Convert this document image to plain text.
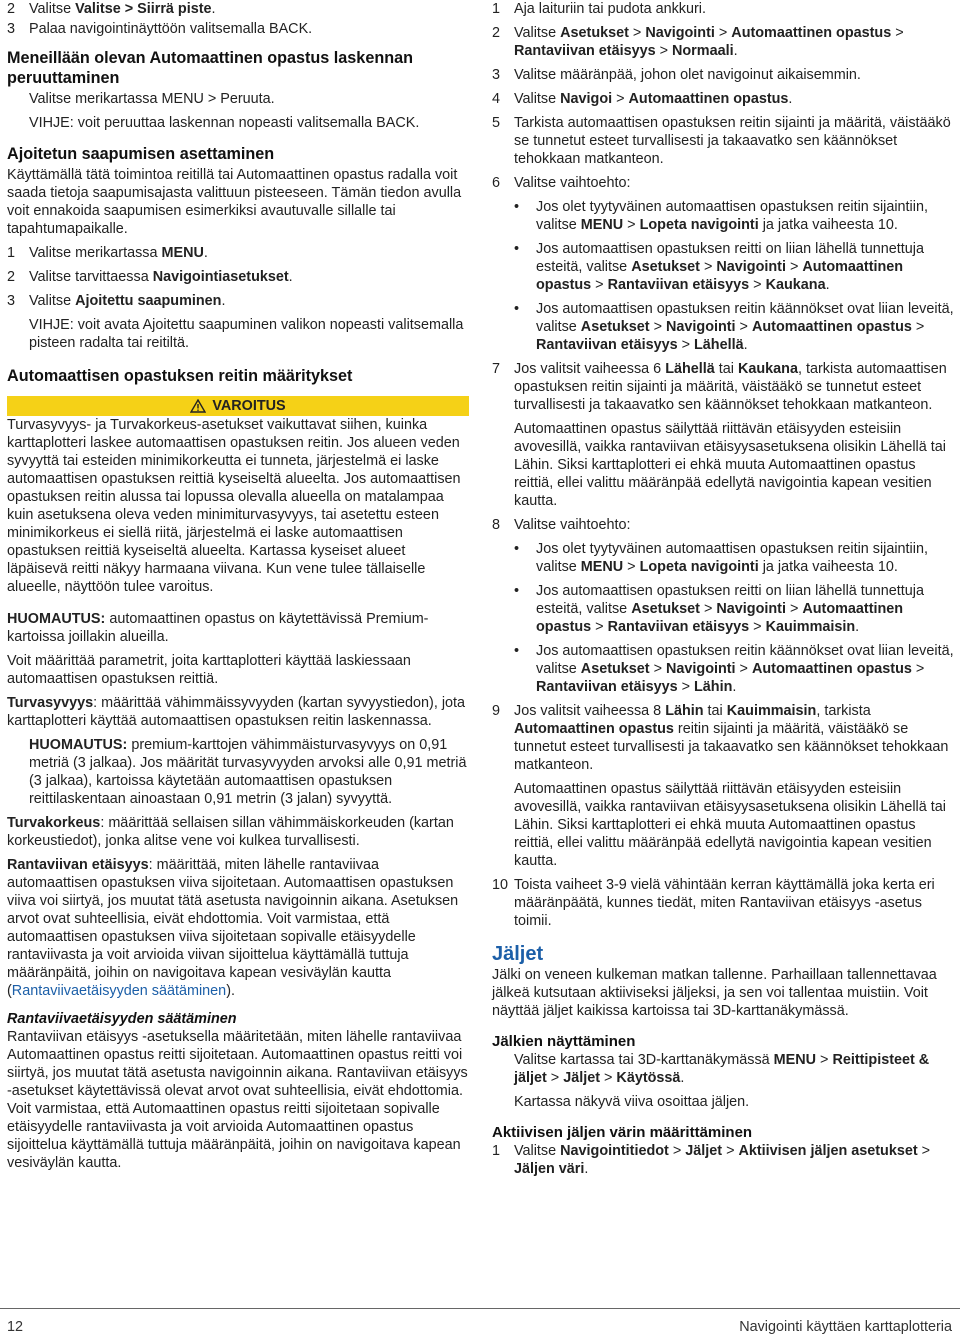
2 Valitse Valitse > Siirrä piste.
3 Palaa navigointinäyttöön valitsemalla BACK.
Meneillään olevan Automaattinen opastus laskennan peruuttaminen

Valitse merikartassa MENU > Peruuta.

VIHJE: voit peruuttaa laskennan nopeasti valitsemalla BACK.

Ajoitetun saapumisen asettaminen

Käyttämällä tätä toimintoa reitillä tai Automaattinen opastus radalla voit saada tietoja saapumisajasta valittuun pisteeseen. Tämän tiedon avulla voit ennakoida saapumisen esimerkiksi avautuvalle sillalle tai tapahtumapaikalle.

1 Valitse merikartassa MENU.
2 Valitse tarvittaessa Navigointiasetukset.
3 Valitse Ajoitettu saapuminen.

VIHJE: voit avata Ajoitettu saapuminen valikon nopeasti valitsemalla pisteen radalta tai reitiltä.

Automaattisen opastuksen reitin määritykset
VAROITUS

Turvasyvyys- ja Turvakorkeus-asetukset vaikuttavat siihen, kuinka karttaplotteri laskee automaattisen opastuksen reitin. Jos alueen veden syvyyttä tai esteiden minimikorkeutta ei tunneta, järjestelmä ei laske automaattisen opastuksen reittiä kyseiseltä alueelta. Jos automaattisen opastuksen reitin alussa tai lopussa olevalla alueella on matalampaa kuin asetuksena oleva veden minimiturvasyvyys, tai asetettu esteen minimikorkeus ei siellä riitä, järjestelmä ei laske automaattisen opastuksen reittiä kyseiseltä alueelta. Kartassa kyseiset alueet läpäisevä reitti näkyy harmaana viivana. Kun vene tulee tällaiselle alueelle, näyttöön tulee varoitus.

HUOMAUTUS: automaattinen opastus on käytettävissä Premium-kartoissa joillakin alueilla.

Voit määrittää parametrit, joita karttaplotteri käyttää laskiessaan automaattisen opastuksen reittiä.

Turvasyvyys: määrittää vähimmäissyvyyden (kartan syvyystiedon), jota karttaplotteri käyttää automaattisen opastuksen reitin laskennassa.

HUOMAUTUS: premium-karttojen vähimmäisturvasyvyys on 0,91 metriä (3 jalkaa). Jos määrität turvasyvyyden arvoksi alle 0,91 metriä (3 jalkaa), kartoissa käytetään automaattisen opastuksen reittilaskentaan ainoastaan 0,91 metrin (3 jalan) syvyyttä.

Turvakorkeus: määrittää sellaisen sillan vähimmäiskorkeuden (kartan korkeustiedot), jonka alitse vene voi kulkea turvallisesti.

Rantaviivan etäisyys: määrittää, miten lähelle rantaviivaa automaattisen opastuksen viiva sijoitetaan. Automaattisen opastuksen viiva voi siirtyä, jos muutat tätä asetusta navigoinnin aikana. Asetuksen arvot ovat suhteellisia, eivät ehdottomia. Voit varmistaa, että automaattisen opastuksen viiva sijoitetaan sopivalle etäisyydelle rantaviivasta ja voit arvioida viivan sijoittelua käyttämällä tuttuja määränpäitä, joihin on navigoitava kapean vesiväylän kautta (Rantaviivaetäisyyden säätäminen).

Rantaviivaetäisyyden säätäminen

Rantaviivan etäisyys -asetuksella määritetään, miten lähelle rantaviivaa Automaattinen opastus reitti sijoitetaan. Automaattinen opastus reitti voi siirtyä, jos muutat tätä asetusta navigoinnin aikana. Rantaviivan etäisyys -asetukset käytettävissä olevat arvot ovat suhteellisia, eivät ehdottomia. Voit varmistaa, että Automaattinen opastus reitti sijoitetaan sopivalle etäisyydelle rantaviivasta ja voit arvioida Automaattinen opastus sijoittelua käyttämällä tuttuja määränpäitä, joihin on navigoitava kapean vesiväylän kautta.

1 Aja laituriin tai pudota ankkuri.
2 Valitse Asetukset > Navigointi > Automaattinen opastus > Rantaviivan etäisyys > Normaali.
3 Valitse määränpää, johon olet navigoinut aikaisemmin.
4 Valitse Navigoi > Automaattinen opastus.
5 Tarkista automaattisen opastuksen reitin sijainti ja määritä, väistääkö se tunnetut esteet turvallisesti ja takaavatko sen käännökset tehokkaan matkanteon.
6 Valitse vaihtoehto:
• Jos olet tyytyväinen automaattisen opastuksen reitin sijaintiin, valitse MENU > Lopeta navigointi ja jatka vaiheesta 10.
• Jos automaattisen opastuksen reitti on liian lähellä tunnettuja esteitä, valitse Asetukset > Navigointi > Automaattinen opastus > Rantaviivan etäisyys > Kaukana.
• Jos automaattisen opastuksen reitin käännökset ovat liian leveitä, valitse Asetukset > Navigointi > Automaattinen opastus > Rantaviivan etäisyys > Lähellä.
7 Jos valitsit vaiheessa 6 Lähellä tai Kaukana, tarkista automaattisen opastuksen reitin sijainti ja määritä, väistääkö se tunnetut esteet turvallisesti ja takaavatko sen käännökset tehokkaan matkanteon.

Automaattinen opastus säilyttää riittävän etäisyyden esteisiin avovesillä, vaikka rantaviivan etäisyysasetuksena olisikin Lähellä tai Lähin. Siksi karttaplotteri ei ehkä muuta Automaattinen opastus reittiä, ellei valittu määränpää edellytä navigointia kapean vesitien kautta.

8 Valitse vaihtoehto:
• Jos olet tyytyväinen automaattisen opastuksen reitin sijaintiin, valitse MENU > Lopeta navigointi ja jatka vaiheesta 10.
• Jos automaattisen opastuksen reitti on liian lähellä tunnettuja esteitä, valitse Asetukset > Navigointi > Automaattinen opastus > Rantaviivan etäisyys > Kauimmaisin.
• Jos automaattisen opastuksen reitin käännökset ovat liian leveitä, valitse Asetukset > Navigointi > Automaattinen opastus > Rantaviivan etäisyys > Lähin.
9 Jos valitsit vaiheessa 8 Lähin tai Kauimmaisin, tarkista Automaattinen opastus reitin sijainti ja määritä, väistääkö se tunnetut esteet turvallisesti ja takaavatko sen käännökset tehokkaan matkanteon.

Automaattinen opastus säilyttää riittävän etäisyyden esteisiin avovesillä, vaikka rantaviivan etäisyysasetuksena olisikin Lähellä tai Lähin. Siksi karttaplotteri ei ehkä muuta Automaattinen opastus reittiä, ellei valittu määränpää edellytä navigointia kapean vesitien kautta.

10 Toista vaiheet 3-9 vielä vähintään kerran käyttämällä joka kerta eri määränpäätä, kunnes tiedät, miten Rantaviivan etäisyys -asetus toimii.
Jäljet

Jälki on veneen kulkeman matkan tallenne. Parhaillaan tallennettavaa jälkeä kutsutaan aktiiviseksi jäljeksi, ja sen voi tallentaa muistiin. Voit näyttää jäljet kaikissa kartoissa tai 3D-karttanäkymässä.

Jälkien näyttäminen

Valitse kartassa tai 3D-karttanäkymässä MENU > Reittipisteet & jäljet > Jäljet > Käytössä.

Kartassa näkyvä viiva osoittaa jäljen.

Aktiivisen jäljen värin määrittäminen
1 Valitse Navigointitiedot > Jäljet > Aktiivisen jäljen asetukset > Jäljen väri.
12	Navigointi käyttäen karttaplotteria
